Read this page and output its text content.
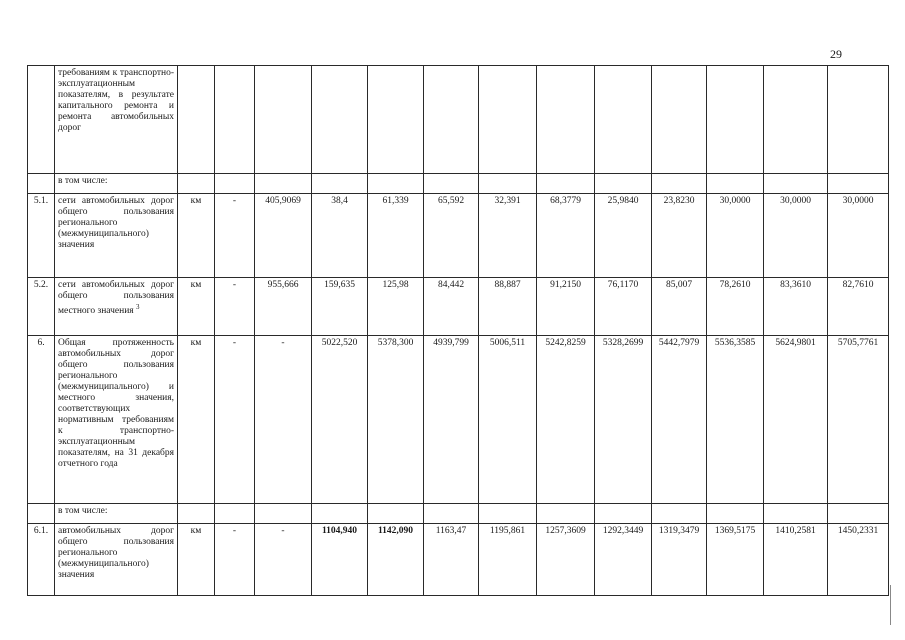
29
	требованиям к транспортно-эксплуатационным показателям, в результате капитального ремонта и ремонта автомобильных дорог													
	в том числе:													
5.1.	сети автомобильных дорог общего пользования регионального (межмуниципального) значения	км	-	405,9069	38,4	61,339	65,592	32,391	68,3779	25,9840	23,8230	30,0000	30,0000	30,0000
5.2.	сети автомобильных дорог общего пользования местного значения $^3$	км	-	955,666	159,635	125,98	84,442	88,887	91,2150	76,1170	85,007	78,2610	83,3610	82,7610
6.	Общая протяженность автомобильных дорог общего пользования регионального (межмуниципального) и местного значения, соответствующих нормативным требованиям к транспортно-эксплуатационным показателям, на 31 декабря отчетного года	км	-	-	5022,520	5378,300	4939,799	5006,511	5242,8259	5328,2699	5442,7979	5536,3585	5624,9801	5705,7761
	в том числе:													
6.1.	автомобильных дорог общего пользования регионального (межмуниципального) значения	км	-	-	1104,940	1142,090	1163,47	1195,861	1257,3609	1292,3449	1319,3479	1369,5175	1410,2581	1450,2331
